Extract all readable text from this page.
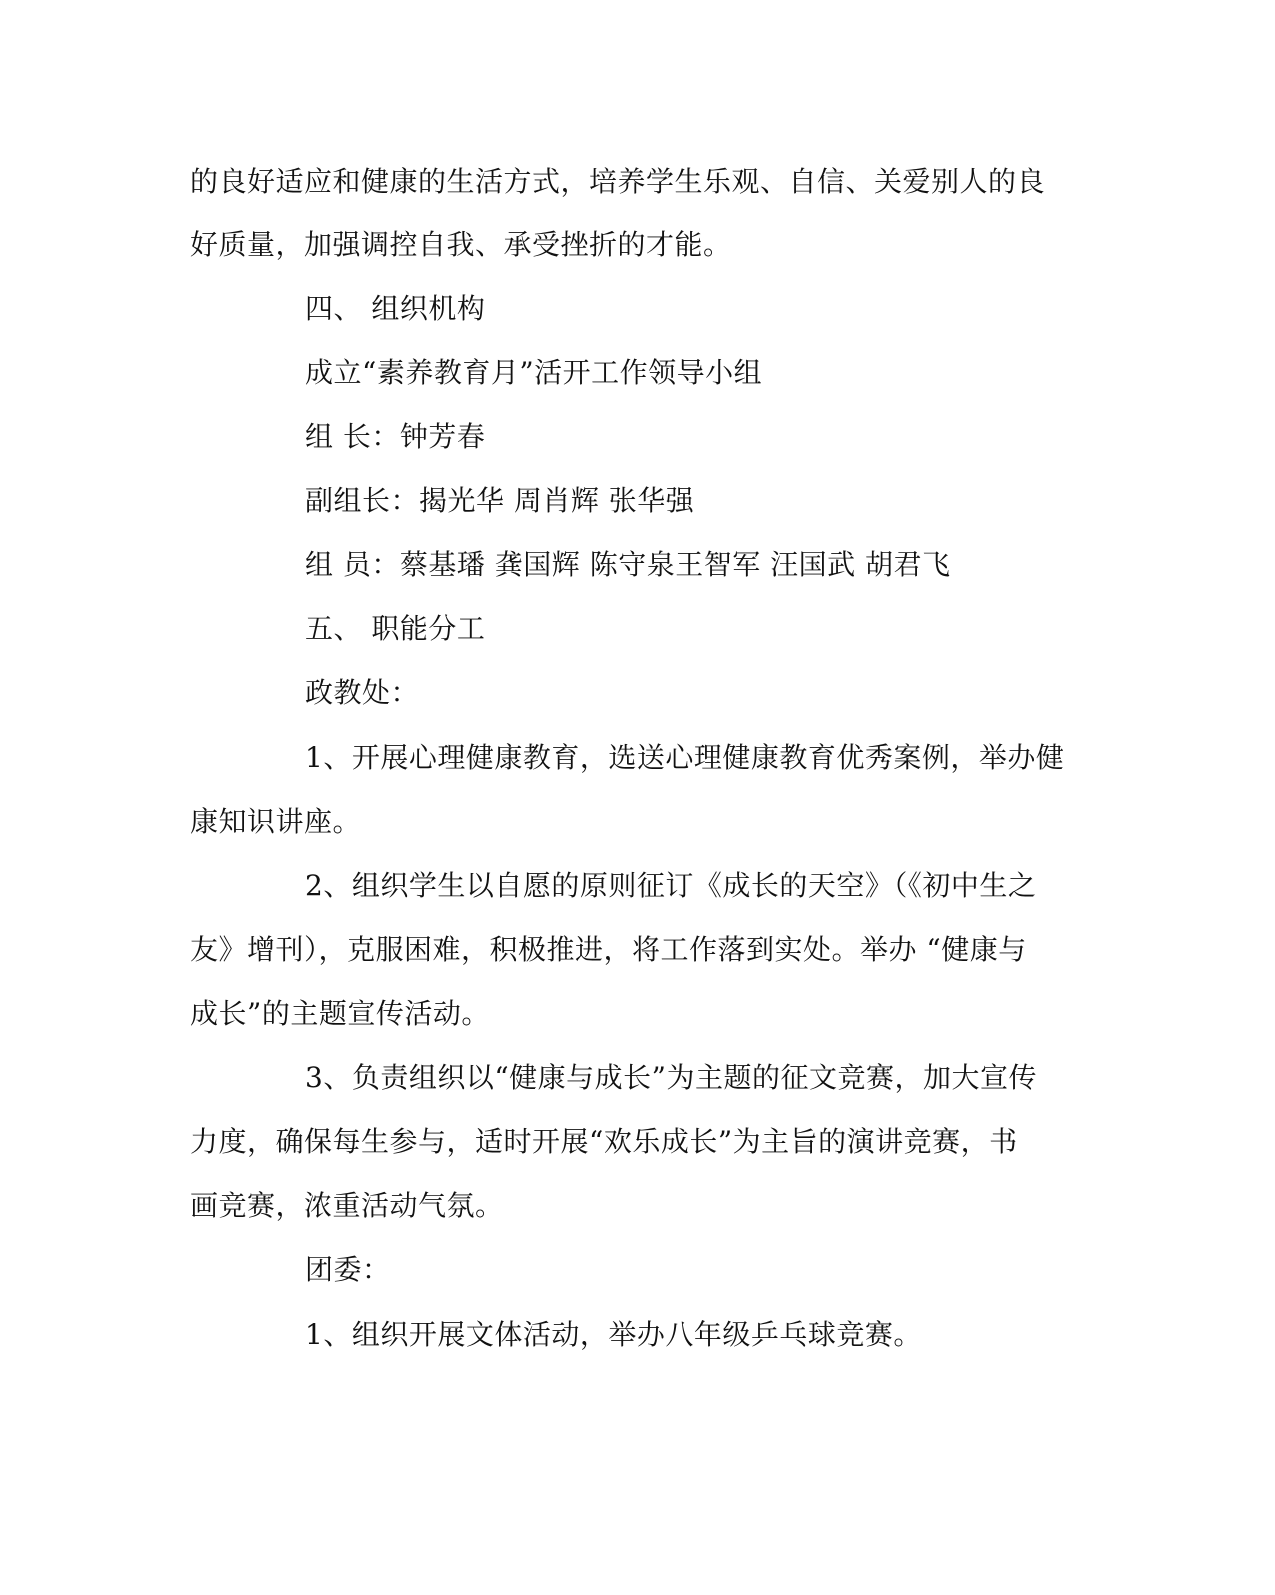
的良好适应和健康的生活方式，培养学生乐观、自信、关爱别人的良
好质量，加强调控自我、承受挫折的才能。
四、 组织机构
成立“素养教育月”活开工作领导小组
组 长：钟芳春
副组长：揭光华 周肖辉 张华强
组 员：蔡基璠 龚国辉 陈守泉王智军 汪国武 胡君飞
五、 职能分工
政教处：
1、开展心理健康教育，选送心理健康教育优秀案例，举办健
康知识讲座。
2、组织学生以自愿的原则征订《成长的天空》（《初中生之
友》增刊），克服困难，积极推进，将工作落到实处。举办 “健康与
成长”的主题宣传活动。
3、负责组织以“健康与成长”为主题的征文竞赛，加大宣传
力度，确保每生参与，适时开展“欢乐成长”为主旨的演讲竞赛，书
画竞赛，浓重活动气氛。
团委：
1、组织开展文体活动，举办八年级乒乓球竞赛。
